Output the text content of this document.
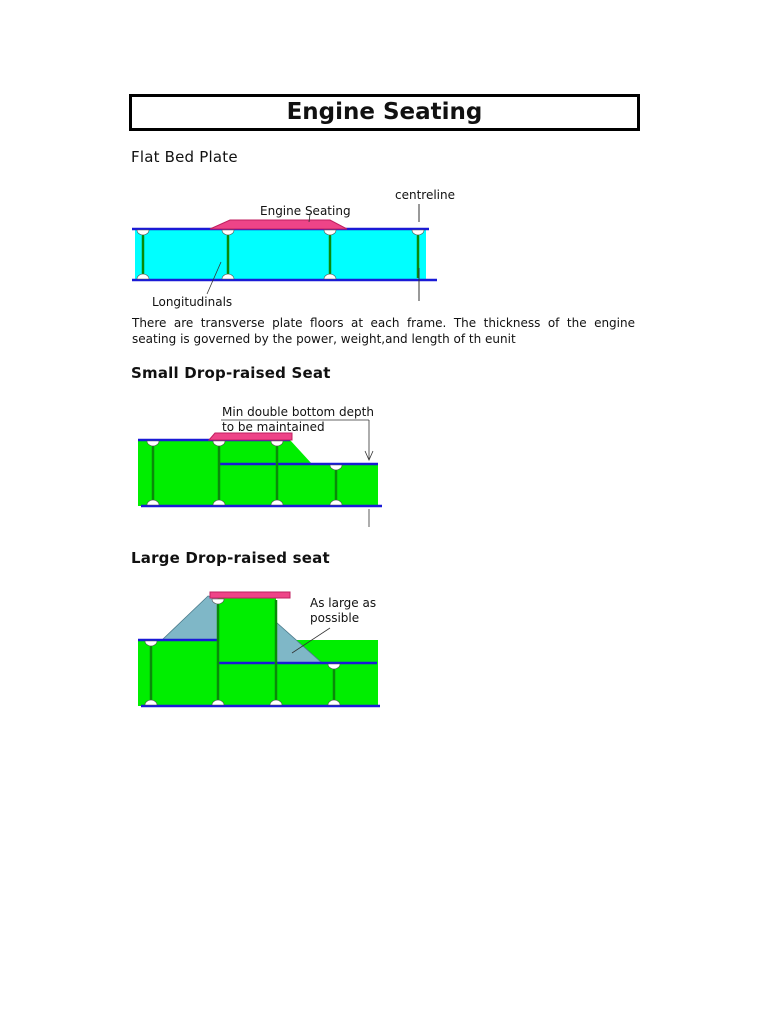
Engine Seating
Flat Bed Plate
centreline
Engine Seating
Longitudinals

There are transverse plate floors at each frame. The thickness of the engine seating is governed by the power, weight,and length of th eunit

Small Drop-raised Seat
Min double bottom depth
to be maintained
Large Drop-raised seat
As large as
possible
